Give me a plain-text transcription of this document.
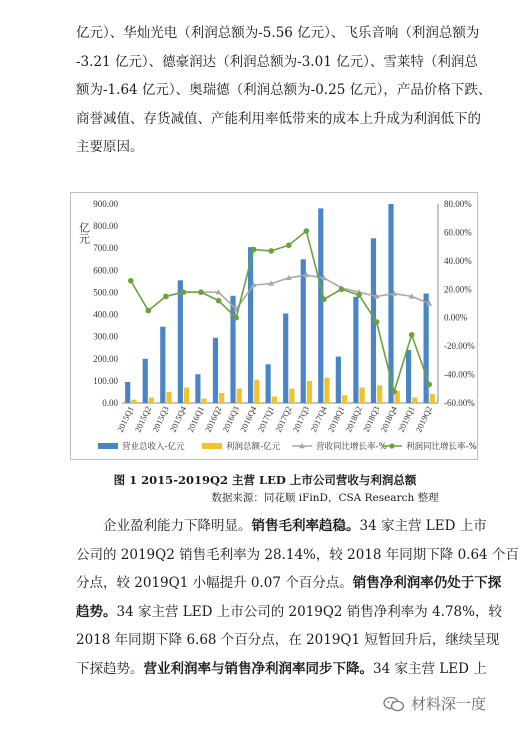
亿元）、华灿光电（利润总额为-5.56 亿元）、飞乐音响（利润总额为

-3.21 亿元）、德豪润达（利润总额为-3.01 亿元）、雪莱特（利润总

额为-1.64 亿元）、奥瑞德（利润总额为-0.25 亿元），产品价格下跌、

商誉减值、存货减值、产能利用率低带来的成本上升成为利润低下的

主要原因。

0.00
100.00
200.00
300.00
400.00
500.00
600.00
700.00
800.00
900.00
-60.00%
-40.00%
-20.00%
0.00%
20.00%
40.00%
60.00%
80.00%
亿元
2015Q1
2015Q2
2015Q3
2015Q4
2016Q1
2016Q2
2016Q3
2016Q4
2017Q1
2017Q2
2017Q3
2017Q4
2018Q1
2018Q2
2018Q3
2018Q4
2019Q1
2019Q2
营业总收入-亿元	利润总额-亿元	营收同比增长率-% 利润同比增长率-%

图 1 2015-2019Q2 主营 LED 上市公司营收与利润总额

数据来源：同花顺 iFinD，CSA Research 整理

企业盈利能力下降明显。销售毛利率趋稳。34 家主营 LED 上市

公司的 2019Q2 销售毛利率为 28.14%，较 2018 年同期下降 0.64 个百

分点，较 2019Q1 小幅提升 0.07 个百分点。销售净利润率仍处于下探

趋势。34 家主营 LED 上市公司的 2019Q2 销售净利率为 4.78%，较

2018 年同期下降 6.68 个百分点，在 2019Q1 短暂回升后，继续呈现

下探趋势。营业利润率与销售净利润率同步下降。34 家主营 LED 上

材料深一度
